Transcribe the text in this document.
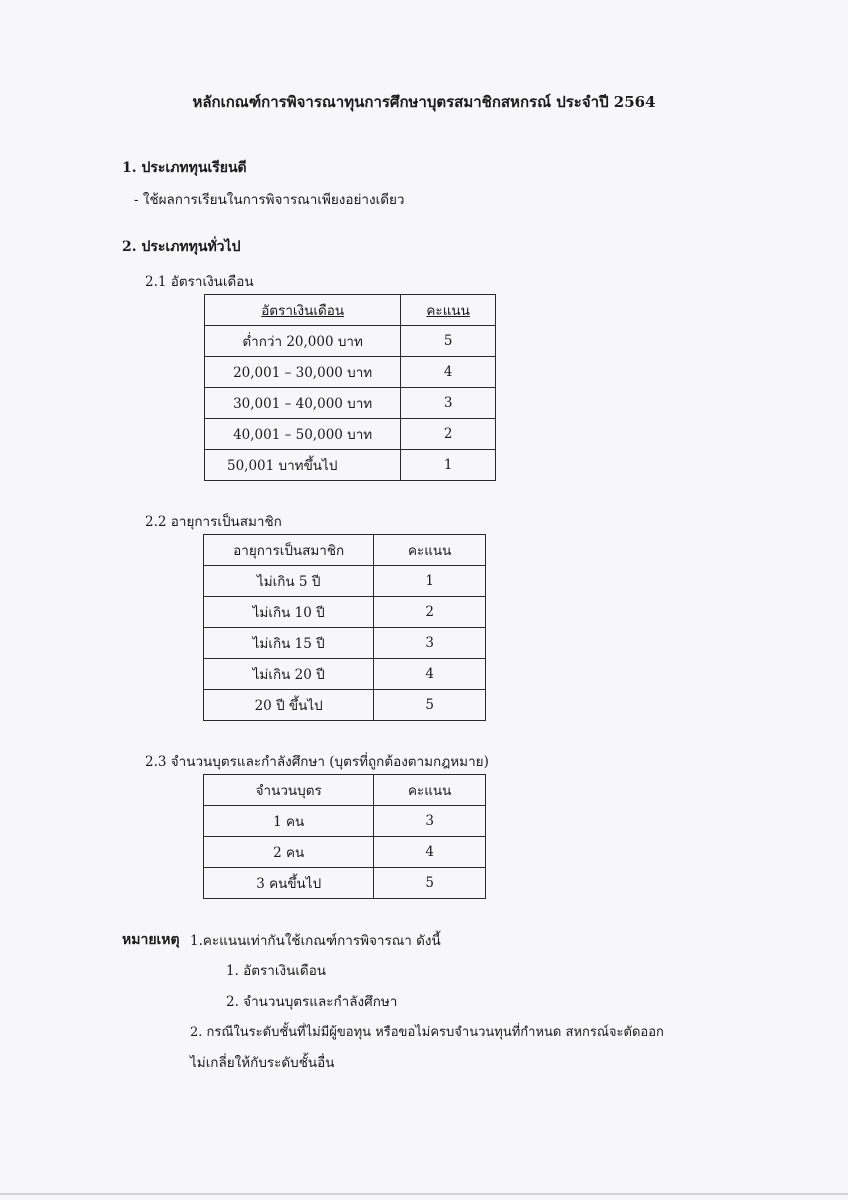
หลักเกณฑ์การพิจารณาทุนการศึกษาบุตรสมาชิกสหกรณ์ ประจำปี 2564
1. ประเภททุนเรียนดี
- ใช้ผลการเรียนในการพิจารณาเพียงอย่างเดียว
2. ประเภททุนทั่วไป
2.1 อัตราเงินเดือน
อัตราเงินเดือน	คะแนน
ต่ำกว่า 20,000 บาท	5
20,001 – 30,000 บาท	4
30,001 – 40,000 บาท	3
40,001 – 50,000 บาท	2
50,001 บาทขึ้นไป	1
2.2 อายุการเป็นสมาชิก
อายุการเป็นสมาชิก	คะแนน
ไม่เกิน 5 ปี	1
ไม่เกิน 10 ปี	2
ไม่เกิน 15 ปี	3
ไม่เกิน 20 ปี	4
20 ปี ขึ้นไป	5
2.3 จำนวนบุตรและกำลังศึกษา (บุตรที่ถูกต้องตามกฎหมาย)
จำนวนบุตร	คะแนน
1 คน	3
2 คน	4
3 คนขึ้นไป	5
หมายเหตุ 1.คะแนนเท่ากันใช้เกณฑ์การพิจารณา ดังนี้
1. อัตราเงินเดือน
2. จำนวนบุตรและกำลังศึกษา
2. กรณีในระดับชั้นที่ไม่มีผู้ขอทุน หรือขอไม่ครบจำนวนทุนที่กำหนด สหกรณ์จะตัดออก
ไม่เกลี่ยให้กับระดับชั้นอื่น
